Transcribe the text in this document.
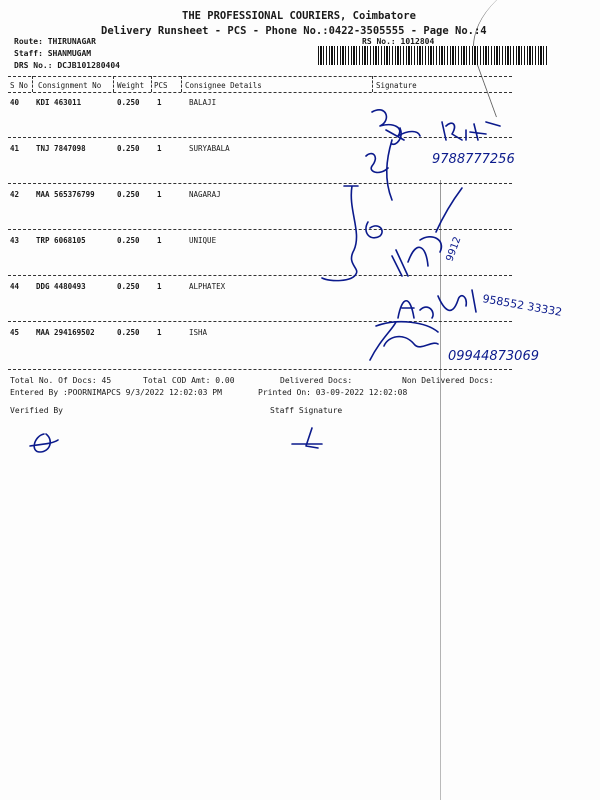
THE PROFESSIONAL COURIERS, Coimbatore
Delivery Runsheet - PCS - Phone No.:0422-3505555 - Page No.:4
Route: THIRUNAGAR
Staff: SHANMUGAM
DRS No.: DCJB101280404
RS No.: 1012804
S No Consignment No Weight PCS Consignee Details	Signature
40 KDI 463011	0.250 1	BALAJI
41 TNJ 7847098	0.250 1	SURYABALA
42 MAA 565376799	0.250 1	NAGARAJ
43 TRP 6068105	0.250 1	UNIQUE
44 DDG 4480493	0.250 1	ALPHATEX
45 MAA 294169502	0.250 1	ISHA
Total No. Of Docs: 45	Total COD Amt: 0.00	Delivered Docs:	Non Delivered Docs:
Entered By :POORNIMAPCS 9/3/2022 12:02:03 PM	Printed On: 03-09-2022 12:02:08
Verified By	Staff Signature
9788777256
9912
958552 33332
09944873069
